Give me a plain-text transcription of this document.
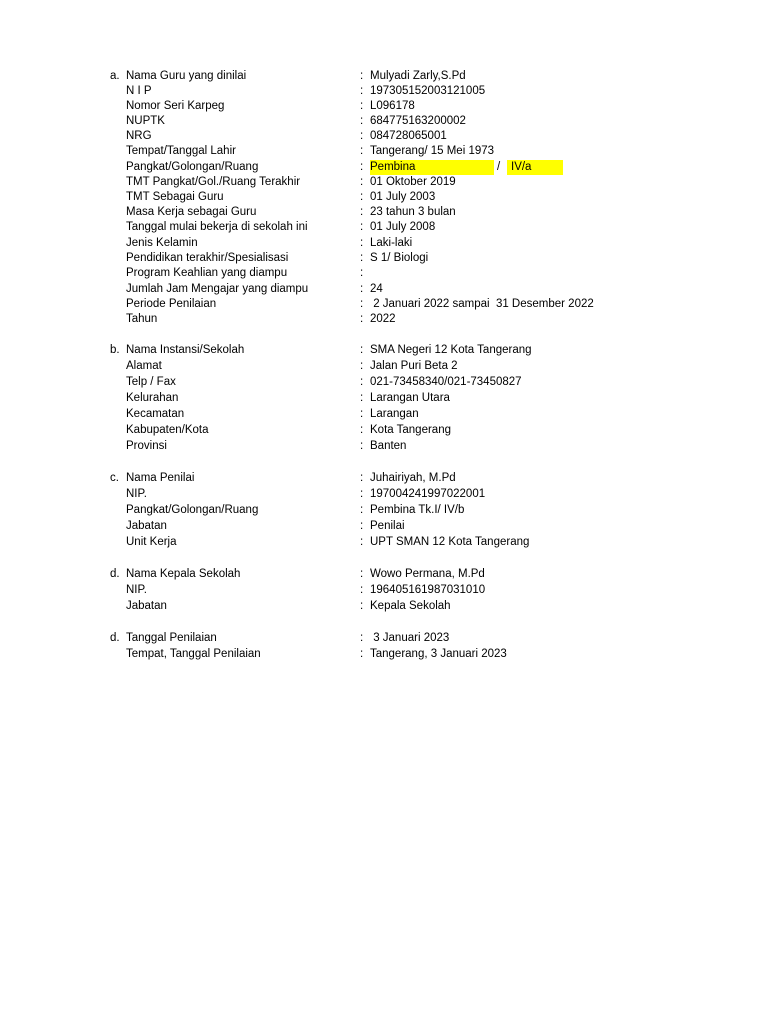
a. Nama Guru yang dinilai	: Mulyadi Zarly,S.Pd
N I P	: 197305152003121005
Nomor Seri Karpeg	: L096178
NUPTK	: 684775163200002
NRG	: 084728065001
Tempat/Tanggal Lahir	: Tangerang/ 15 Mei 1973
Pangkat/Golongan/Ruang	: Pembina	/ IV/a
TMT Pangkat/Gol./Ruang Terakhir	: 01 Oktober 2019
TMT Sebagai Guru	: 01 July 2003
Masa Kerja sebagai Guru	: 23 tahun 3 bulan
Tanggal mulai bekerja di sekolah ini	: 01 July 2008
Jenis Kelamin	: Laki-laki
Pendidikan terakhir/Spesialisasi	: S 1/ Biologi
Program Keahlian yang diampu	:
Jumlah Jam Mengajar yang diampu	: 24
Periode Penilaian	: 2 Januari 2022 sampai  31 Desember 2022
Tahun	: 2022
b. Nama Instansi/Sekolah	: SMA Negeri 12 Kota Tangerang
Alamat	: Jalan Puri Beta 2
Telp / Fax	: 021-73458340/021-73450827
Kelurahan	: Larangan Utara
Kecamatan	: Larangan
Kabupaten/Kota	: Kota Tangerang
Provinsi	: Banten
c. Nama Penilai	: Juhairiyah, M.Pd
NIP.	: 197004241997022001
Pangkat/Golongan/Ruang	: Pembina Tk.I/ IV/b
Jabatan	: Penilai
Unit Kerja	: UPT SMAN 12 Kota Tangerang
d. Nama Kepala Sekolah	: Wowo Permana, M.Pd
NIP.	: 196405161987031010
Jabatan	: Kepala Sekolah
d. Tanggal Penilaian	: 3 Januari 2023
Tempat, Tanggal Penilaian	: Tangerang, 3 Januari 2023
